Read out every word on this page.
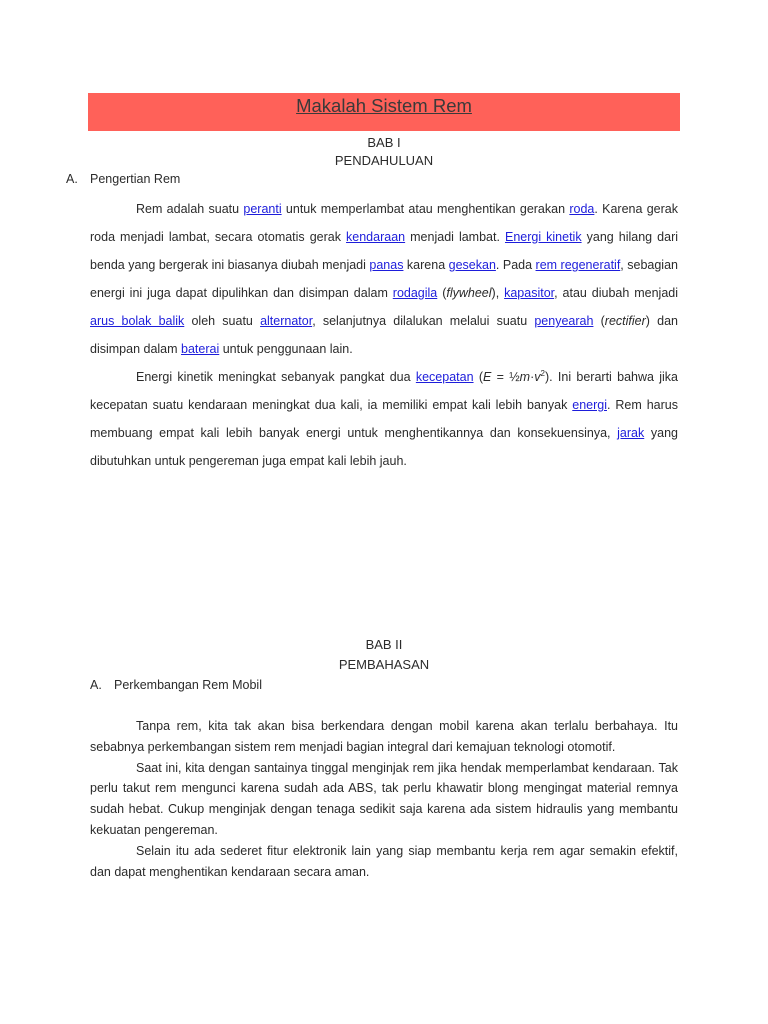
Makalah Sistem Rem
BAB I
PENDAHULUAN
A. Pengertian Rem

Rem adalah suatu peranti untuk memperlambat atau menghentikan gerakan roda. Karena gerak roda menjadi lambat, secara otomatis gerak kendaraan menjadi lambat. Energi kinetik yang hilang dari benda yang bergerak ini biasanya diubah menjadi panas karena gesekan. Pada rem regeneratif, sebagian energi ini juga dapat dipulihkan dan disimpan dalam rodagila (flywheel), kapasitor, atau diubah menjadi arus bolak balik oleh suatu alternator, selanjutnya dilalukan melalui suatu penyearah (rectifier) dan disimpan dalam baterai untuk penggunaan lain.

Energi kinetik meningkat sebanyak pangkat dua kecepatan $(E = \frac{1}{2}m\cdot v^2)$. Ini berarti bahwa jika kecepatan suatu kendaraan meningkat dua kali, ia memiliki empat kali lebih banyak energi. Rem harus membuang empat kali lebih banyak energi untuk menghentikannya dan konsekuensinya, jarak yang dibutuhkan untuk pengereman juga empat kali lebih jauh.

BAB II
PEMBAHASAN
A. Perkembangan Rem Mobil

Tanpa rem, kita tak akan bisa berkendara dengan mobil karena akan terlalu berbahaya. Itu sebabnya perkembangan sistem rem menjadi bagian integral dari kemajuan teknologi otomotif.

Saat ini, kita dengan santainya tinggal menginjak rem jika hendak memperlambat kendaraan. Tak perlu takut rem mengunci karena sudah ada ABS, tak perlu khawatir blong mengingat material remnya sudah hebat. Cukup menginjak dengan tenaga sedikit saja karena ada sistem hidraulis yang membantu kekuatan pengereman.

Selain itu ada sederet fitur elektronik lain yang siap membantu kerja rem agar semakin efektif, dan dapat menghentikan kendaraan secara aman.
